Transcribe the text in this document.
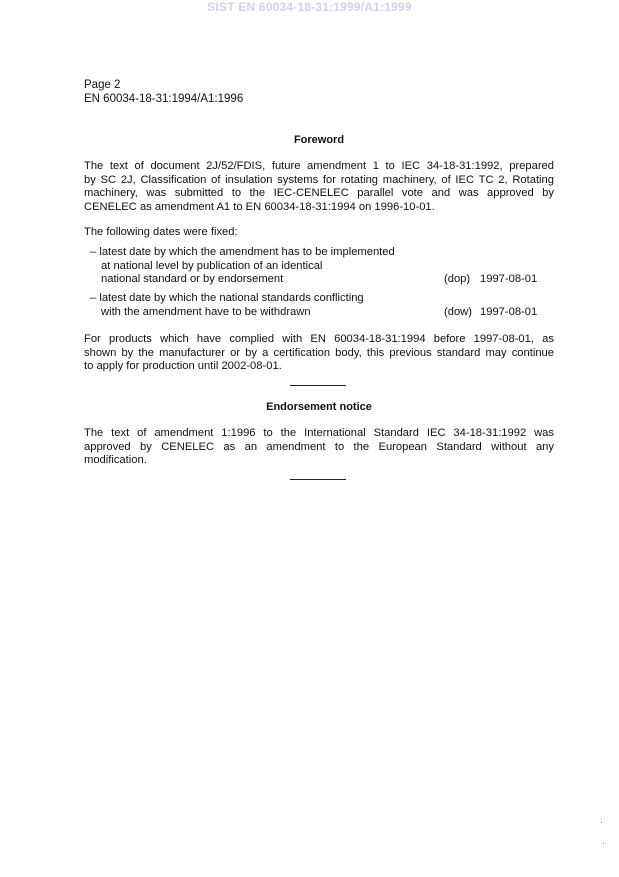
SIST EN 60034-18-31:1999/A1:1999
Page 2
EN 60034-18-31:1994/A1:1996
Foreword
The text of document 2J/52/FDIS, future amendment 1 to IEC 34-18-31:1992, prepared
by SC 2J, Classification of insulation systems for rotating machinery, of IEC TC 2, Rotating
machinery, was submitted to the IEC-CENELEC parallel vote and was approved by
CENELEC as amendment A1 to EN 60034-18-31:1994 on 1996-10-01.
The following dates were fixed:
– latest date by which the amendment has to be implemented
at national level by publication of an identical
national standard or by endorsement	(dop) 1997-08-01
– latest date by which the national standards conflicting
with the amendment have to be withdrawn	(dow) 1997-08-01
For products which have complied with EN 60034-18-31:1994 before 1997-08-01, as
shown by the manufacturer or by a certification body, this previous standard may continue
to apply for production until 2002-08-01.
Endorsement notice
The text of amendment 1:1996 to the International Standard IEC 34-18-31:1992 was
approved by CENELEC as an amendment to the European Standard without any
modification.
